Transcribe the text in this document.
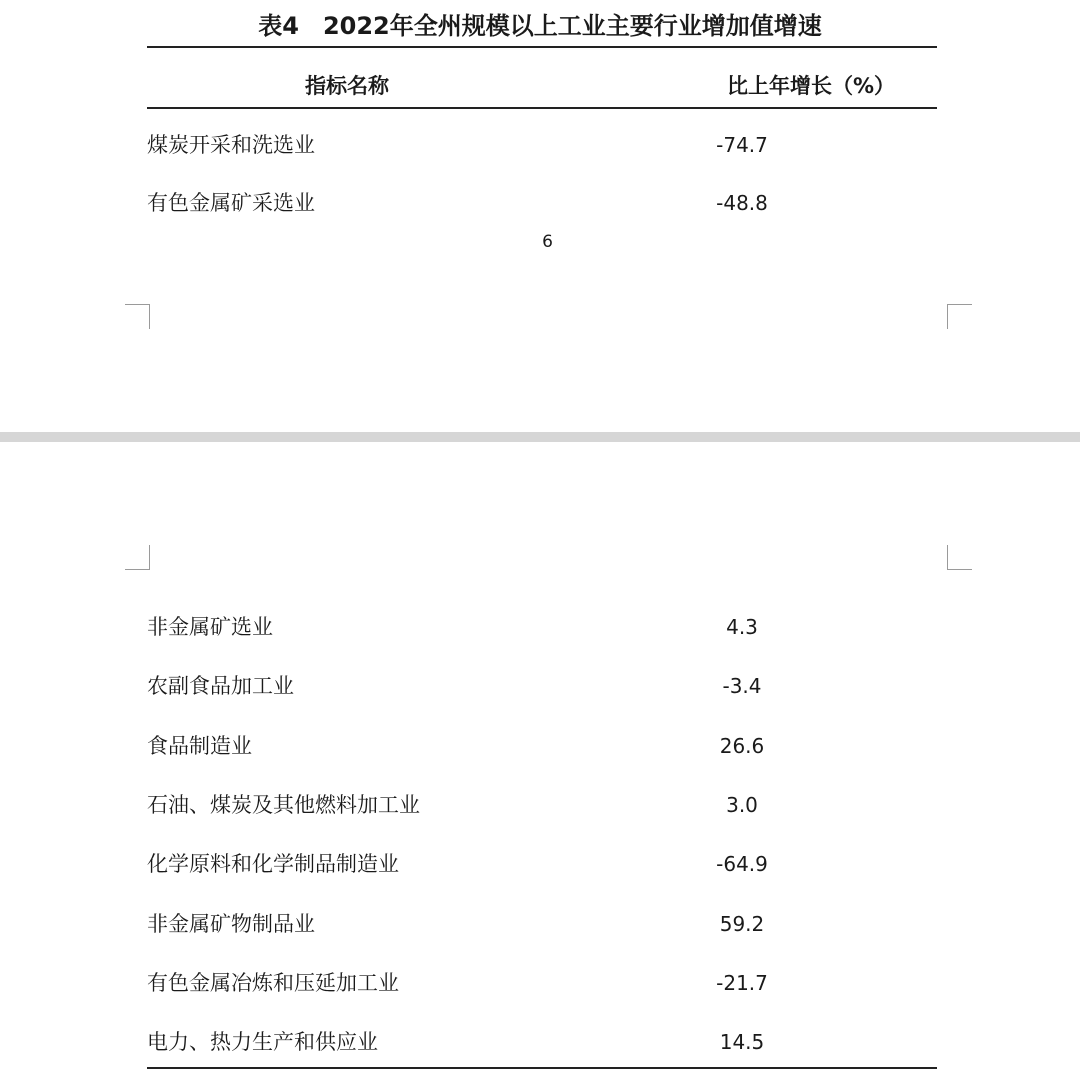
表4　2022年全州规模以上工业主要行业增加值增速
指标名称	比上年增长（%）
煤炭开采和洗选业	-74.7
有色金属矿采选业	-48.8
6
非金属矿选业	4.3
农副食品加工业	-3.4
食品制造业	26.6
石油、煤炭及其他燃料加工业	3.0
化学原料和化学制品制造业	-64.9
非金属矿物制品业	59.2
有色金属冶炼和压延加工业	-21.7
电力、热力生产和供应业	14.5
